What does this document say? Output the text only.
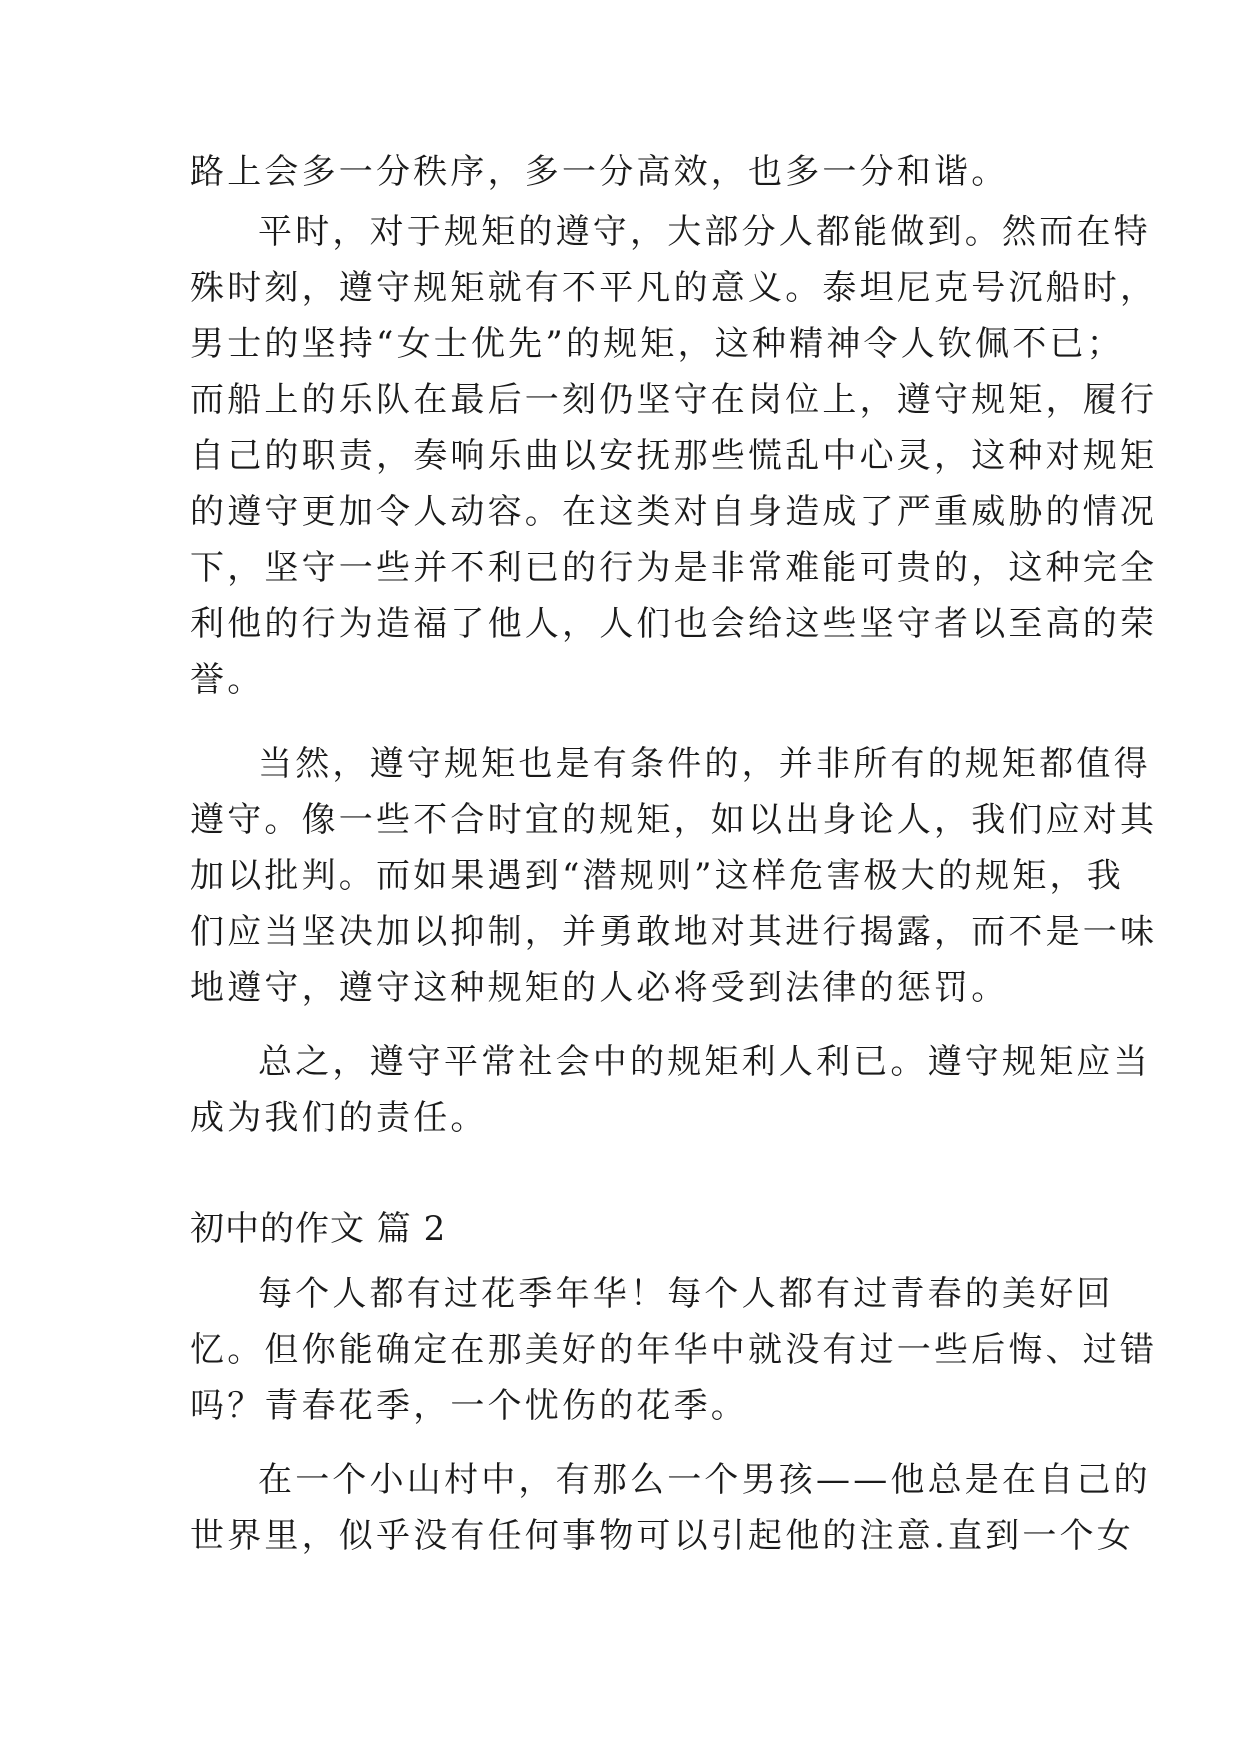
路上会多一分秩序，多一分高效，也多一分和谐。
平时，对于规矩的遵守，大部分人都能做到。然而在特
殊时刻，遵守规矩就有不平凡的意义。泰坦尼克号沉船时，
男士的坚持“女士优先”的规矩，这种精神令人钦佩不已；
而船上的乐队在最后一刻仍坚守在岗位上，遵守规矩，履行
自己的职责，奏响乐曲以安抚那些慌乱中心灵，这种对规矩
的遵守更加令人动容。在这类对自身造成了严重威胁的情况
下，坚守一些并不利已的行为是非常难能可贵的，这种完全
利他的行为造福了他人，人们也会给这些坚守者以至高的荣
誉。
当然，遵守规矩也是有条件的，并非所有的规矩都值得
遵守。像一些不合时宜的规矩，如以出身论人，我们应对其
加以批判。而如果遇到“潜规则”这样危害极大的规矩，我
们应当坚决加以抑制，并勇敢地对其进行揭露，而不是一味
地遵守，遵守这种规矩的人必将受到法律的惩罚。
总之，遵守平常社会中的规矩利人利已。遵守规矩应当
成为我们的责任。
初中的作文 篇 2
每个人都有过花季年华！每个人都有过青春的美好回
忆。但你能确定在那美好的年华中就没有过一些后悔、过错
吗？青春花季，一个忧伤的花季。
在一个小山村中，有那么一个男孩——他总是在自己的
世界里，似乎没有任何事物可以引起他的注意.直到一个女
